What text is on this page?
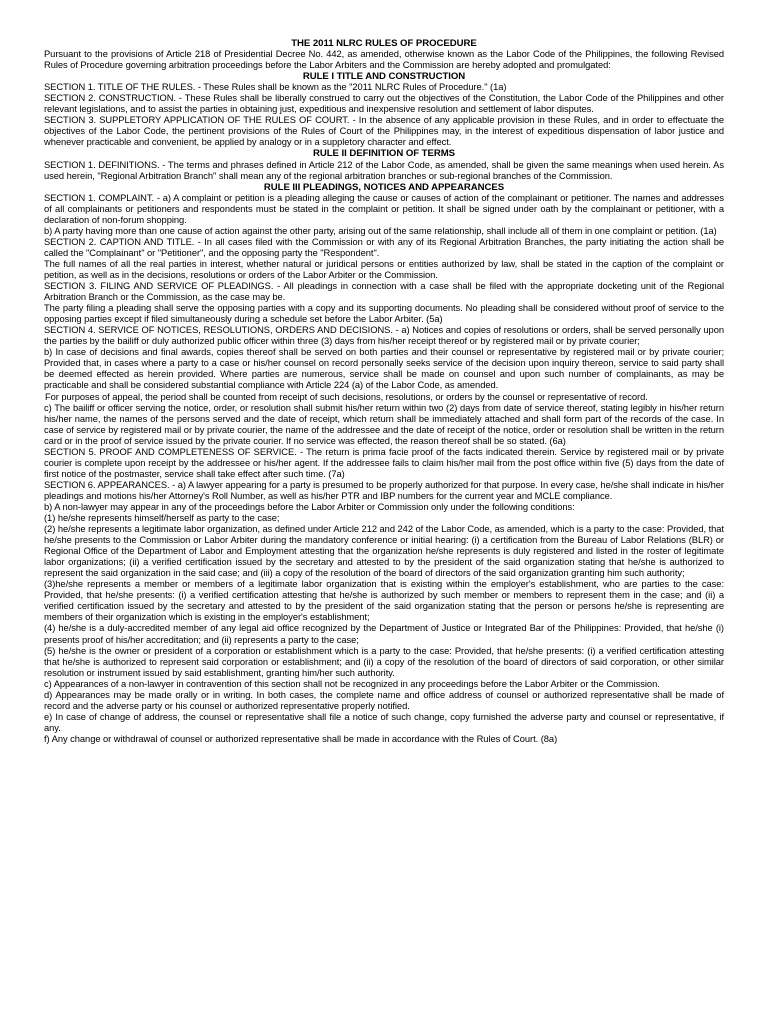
THE 2011 NLRC RULES OF PROCEDURE

Pursuant to the provisions of Article 218 of Presidential Decree No. 442, as amended, otherwise known as the Labor Code of the Philippines, the following Revised Rules of Procedure governing arbitration proceedings before the Labor Arbiters and the Commission are hereby adopted and promulgated:

RULE I TITLE AND CONSTRUCTION

SECTION 1. TITLE OF THE RULES. - These Rules shall be known as the "2011 NLRC Rules of Procedure." (1a)

SECTION 2. CONSTRUCTION. - These Rules shall be liberally construed to carry out the objectives of the Constitution, the Labor Code of the Philippines and other relevant legislations, and to assist the parties in obtaining just, expeditious and inexpensive resolution and settlement of labor disputes.

SECTION 3. SUPPLETORY APPLICATION OF THE RULES OF COURT. - In the absence of any applicable provision in these Rules, and in order to effectuate the objectives of the Labor Code, the pertinent provisions of the Rules of Court of the Philippines may, in the interest of expeditious dispensation of labor justice and whenever practicable and convenient, be applied by analogy or in a suppletory character and effect.

RULE II DEFINITION OF TERMS

SECTION 1. DEFINITIONS. - The terms and phrases defined in Article 212 of the Labor Code, as amended, shall be given the same meanings when used herein. As used herein, "Regional Arbitration Branch" shall mean any of the regional arbitration branches or sub-regional branches of the Commission.

RULE III PLEADINGS, NOTICES AND APPEARANCES

SECTION 1. COMPLAINT. - a) A complaint or petition is a pleading alleging the cause or causes of action of the complainant or petitioner. The names and addresses of all complainants or petitioners and respondents must be stated in the complaint or petition. It shall be signed under oath by the complainant or petitioner, with a declaration of non-forum shopping.

b) A party having more than one cause of action against the other party, arising out of the same relationship, shall include all of them in one complaint or petition. (1a)

SECTION 2. CAPTION AND TITLE. - In all cases filed with the Commission or with any of its Regional Arbitration Branches, the party initiating the action shall be called the "Complainant" or "Petitioner", and the opposing party the "Respondent".

The full names of all the real parties in interest, whether natural or juridical persons or entities authorized by law, shall be stated in the caption of the complaint or petition, as well as in the decisions, resolutions or orders of the Labor Arbiter or the Commission.

SECTION 3. FILING AND SERVICE OF PLEADINGS. - All pleadings in connection with a case shall be filed with the appropriate docketing unit of the Regional Arbitration Branch or the Commission, as the case may be.

The party filing a pleading shall serve the opposing parties with a copy and its supporting documents. No pleading shall be considered without proof of service to the opposing parties except if filed simultaneously during a schedule set before the Labor Arbiter. (5a)

SECTION 4. SERVICE OF NOTICES, RESOLUTIONS, ORDERS AND DECISIONS. - a) Notices and copies of resolutions or orders, shall be served personally upon the parties by the bailiff or duly authorized public officer within three (3) days from his/her receipt thereof or by registered mail or by private courier;

b) In case of decisions and final awards, copies thereof shall be served on both parties and their counsel or representative by registered mail or by private courier; Provided that, in cases where a party to a case or his/her counsel on record personally seeks service of the decision upon inquiry thereon, service to said party shall be deemed effected as herein provided. Where parties are numerous, service shall be made on counsel and upon such number of complainants, as may be practicable and shall be considered substantial compliance with Article 224 (a) of the Labor Code, as amended.

For purposes of appeal, the period shall be counted from receipt of such decisions, resolutions, or orders by the counsel or representative of record.

c) The bailiff or officer serving the notice, order, or resolution shall submit his/her return within two (2) days from date of service thereof, stating legibly in his/her return his/her name, the names of the persons served and the date of receipt, which return shall be immediately attached and shall form part of the records of the case. In case of service by registered mail or by private courier, the name of the addressee and the date of receipt of the notice, order or resolution shall be written in the return card or in the proof of service issued by the private courier. If no service was effected, the reason thereof shall be so stated. (6a)

SECTION 5. PROOF AND COMPLETENESS OF SERVICE. - The return is prima facie proof of the facts indicated therein. Service by registered mail or by private courier is complete upon receipt by the addressee or his/her agent. If the addressee fails to claim his/her mail from the post office within five (5) days from the date of first notice of the postmaster, service shall take effect after such time. (7a)

SECTION 6. APPEARANCES. - a) A lawyer appearing for a party is presumed to be properly authorized for that purpose. In every case, he/she shall indicate in his/her pleadings and motions his/her Attorney's Roll Number, as well as his/her PTR and IBP numbers for the current year and MCLE compliance.

b) A non-lawyer may appear in any of the proceedings before the Labor Arbiter or Commission only under the following conditions:

(1) he/she represents himself/herself as party to the case;

(2) he/she represents a legitimate labor organization, as defined under Article 212 and 242 of the Labor Code, as amended, which is a party to the case: Provided, that he/she presents to the Commission or Labor Arbiter during the mandatory conference or initial hearing: (i) a certification from the Bureau of Labor Relations (BLR) or Regional Office of the Department of Labor and Employment attesting that the organization he/she represents is duly registered and listed in the roster of legitimate labor organizations; (ii) a verified certification issued by the secretary and attested to by the president of the said organization stating that he/she is authorized to represent the said organization in the said case; and (iii) a copy of the resolution of the board of directors of the said organization granting him such authority;

(3)he/she represents a member or members of a legitimate labor organization that is existing within the employer's establishment, who are parties to the case: Provided, that he/she presents: (i) a verified certification attesting that he/she is authorized by such member or members to represent them in the case; and (ii) a verified certification issued by the secretary and attested to by the president of the said organization stating that the person or persons he/she is representing are members of their organization which is existing in the employer's establishment;

(4) he/she is a duly-accredited member of any legal aid office recognized by the Department of Justice or Integrated Bar of the Philippines: Provided, that he/she (i) presents proof of his/her accreditation; and (ii) represents a party to the case;

(5) he/she is the owner or president of a corporation or establishment which is a party to the case: Provided, that he/she presents: (i) a verified certification attesting that he/she is authorized to represent said corporation or establishment; and (ii) a copy of the resolution of the board of directors of said corporation, or other similar resolution or instrument issued by said establishment, granting him/her such authority.

c) Appearances of a non-lawyer in contravention of this section shall not be recognized in any proceedings before the Labor Arbiter or the Commission.

d) Appearances may be made orally or in writing. In both cases, the complete name and office address of counsel or authorized representative shall be made of record and the adverse party or his counsel or authorized representative properly notified.

e) In case of change of address, the counsel or representative shall file a notice of such change, copy furnished the adverse party and counsel or representative, if any.

f) Any change or withdrawal of counsel or authorized representative shall be made in accordance with the Rules of Court. (8a)
